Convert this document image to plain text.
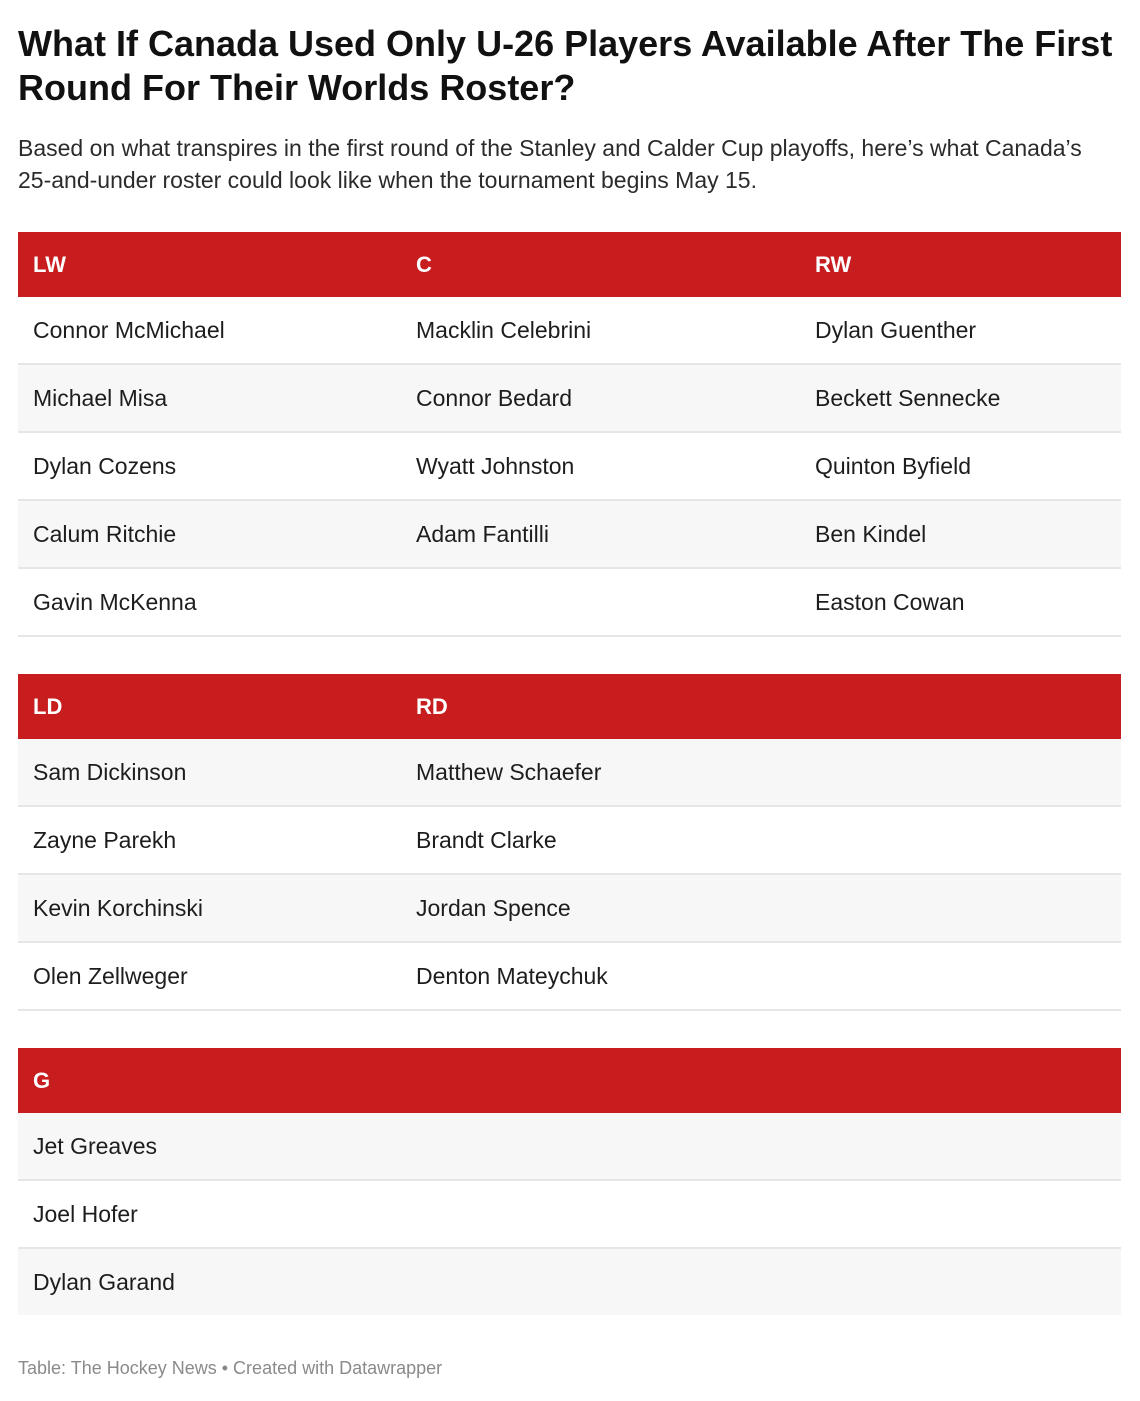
What If Canada Used Only U-26 Players Available After The First Round For Their Worlds Roster?

Based on what transpires in the first round of the Stanley and Calder Cup playoffs, here’s what Canada’s 25-and-under roster could look like when the tournament begins May 15.

LW	C	RW
Connor McMichael	Macklin Celebrini	Dylan Guenther
Michael Misa	Connor Bedard	Beckett Sennecke
Dylan Cozens	Wyatt Johnston	Quinton Byfield
Calum Ritchie	Adam Fantilli	Ben Kindel
Gavin McKenna		Easton Cowan
LD	RD	
Sam Dickinson	Matthew Schaefer	
Zayne Parekh	Brandt Clarke	
Kevin Korchinski	Jordan Spence	
Olen Zellweger	Denton Mateychuk	
G		
Jet Greaves		
Joel Hofer		
Dylan Garand		
Table: The Hockey News • Created with Datawrapper
